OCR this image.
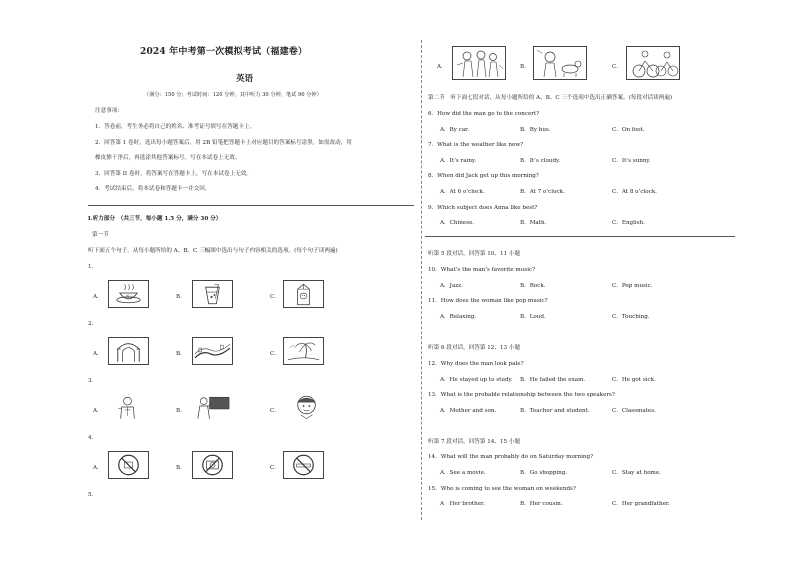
2024 年中考第一次模拟考试（福建卷）
英语
（满分：150 分；考试时间：120 分钟，其中听力 30 分钟，笔试 90 分钟）
注意事项：
1．答卷前，考生务必将自己的姓名、准考证号填写在答题卡上。
2．回答第 1 卷时，选出每小题答案后，用 2B 铅笔把答题卡上对应题目的答案标号涂黑。如需改动，用
橡皮擦干净后，再选涂其他答案标号。写在本试卷上无效。
3．回答第 II 卷时，将答案写在答题卡上，写在本试卷上无效。
4．考试结束后，将本试卷和答题卡一并交回。
I.听力部分　（共三节，每小题 1.5 分，满分 30 分）
第一节
听下面五个句子，从每小题所给的 A、B、C 三幅图中选出与句子内容相关的选项。(每个句子读两遍)
1．
A．	茶	B．	C．
2．
A．	B．	C．
3．
A．	B．	C．
4．
A．	B．	C．
5．
A．	B．	C．
第二节　听下面七段对话，从每小题所给的 A、B、C 三个选项中选出正确答案。(每段对话读两遍)
6．How did the man go to the concert?
A．By car.	B．By bus.	C．On foot.
7．What is the weather like now?
A．It’s rainy.	B．It’s cloudy.	C．It’s sunny.
8．When did Jack get up this morning?
A．At 6 o’clock.	B．At 7 o’clock.	C．At 8 o’clock.
9．Which subject does Anna like best?
A．Chinese.	B．Math.	C．English.
听第 5 段对话，回答第 10、11 小题
10．What’s the man’s favorite music?
A．Jazz.	B．Rock.	C．Pop music.
11．How does the woman like pop music?
A．Relaxing.	B．Loud.	C．Touching.
听第 6 段对话，回答第 12、13 小题
12．Why does the man look pale?
A．He stayed up to study. B．He failed the exam.	C．He got sick.
13．What is the probable relationship between the two speakers?
A．Mother and son.	B．Teacher and student.	C．Classmates.
听第 7 段对话，回答第 14、15 小题
14．What will the man probably do on Saturday morning?
A．See a movie.	B．Go shopping.	C．Stay at home.
15．Who is coming to see the woman on weekends?
A　Her brother.	B．Her cousin.	C．Her grandfather.
